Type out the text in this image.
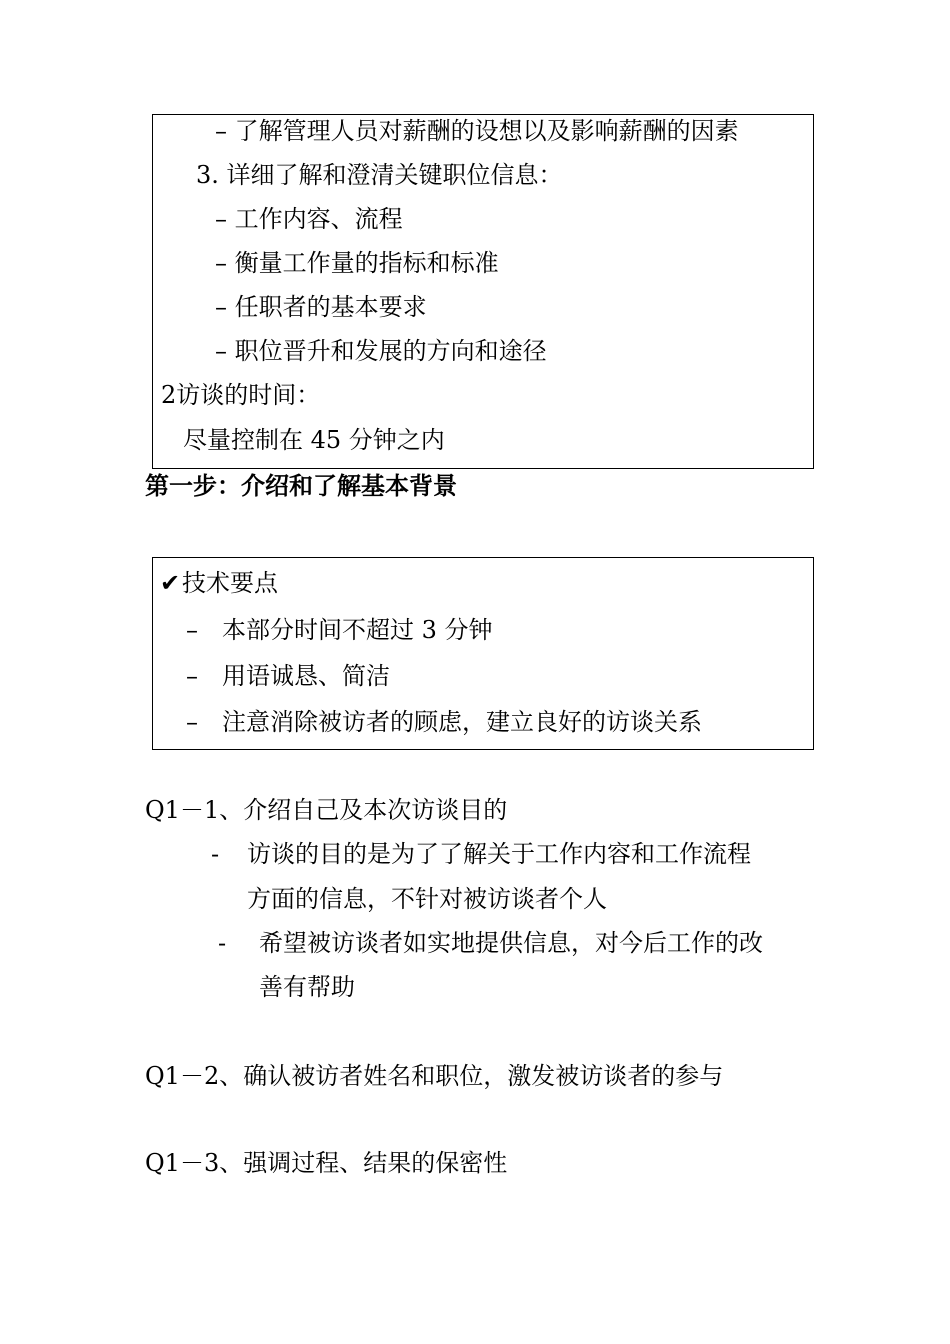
– 了解管理人员对薪酬的设想以及影响薪酬的因素
3. 详细了解和澄清关键职位信息：
– 工作内容、流程
– 衡量工作量的指标和标准
– 任职者的基本要求
– 职位晋升和发展的方向和途径
2访谈的时间：
尽量控制在 45 分钟之内
第一步：介绍和了解基本背景
✔技术要点
–　本部分时间不超过 3 分钟
–　用语诚恳、简洁
–　注意消除被访者的顾虑，建立良好的访谈关系
Q1－1、介绍自己及本次访谈目的
- 访谈的目的是为了了解关于工作内容和工作流程
方面的信息，不针对被访谈者个人
- 希望被访谈者如实地提供信息，对今后工作的改
善有帮助
Q1－2、确认被访者姓名和职位，激发被访谈者的参与
Q1－3、强调过程、结果的保密性
